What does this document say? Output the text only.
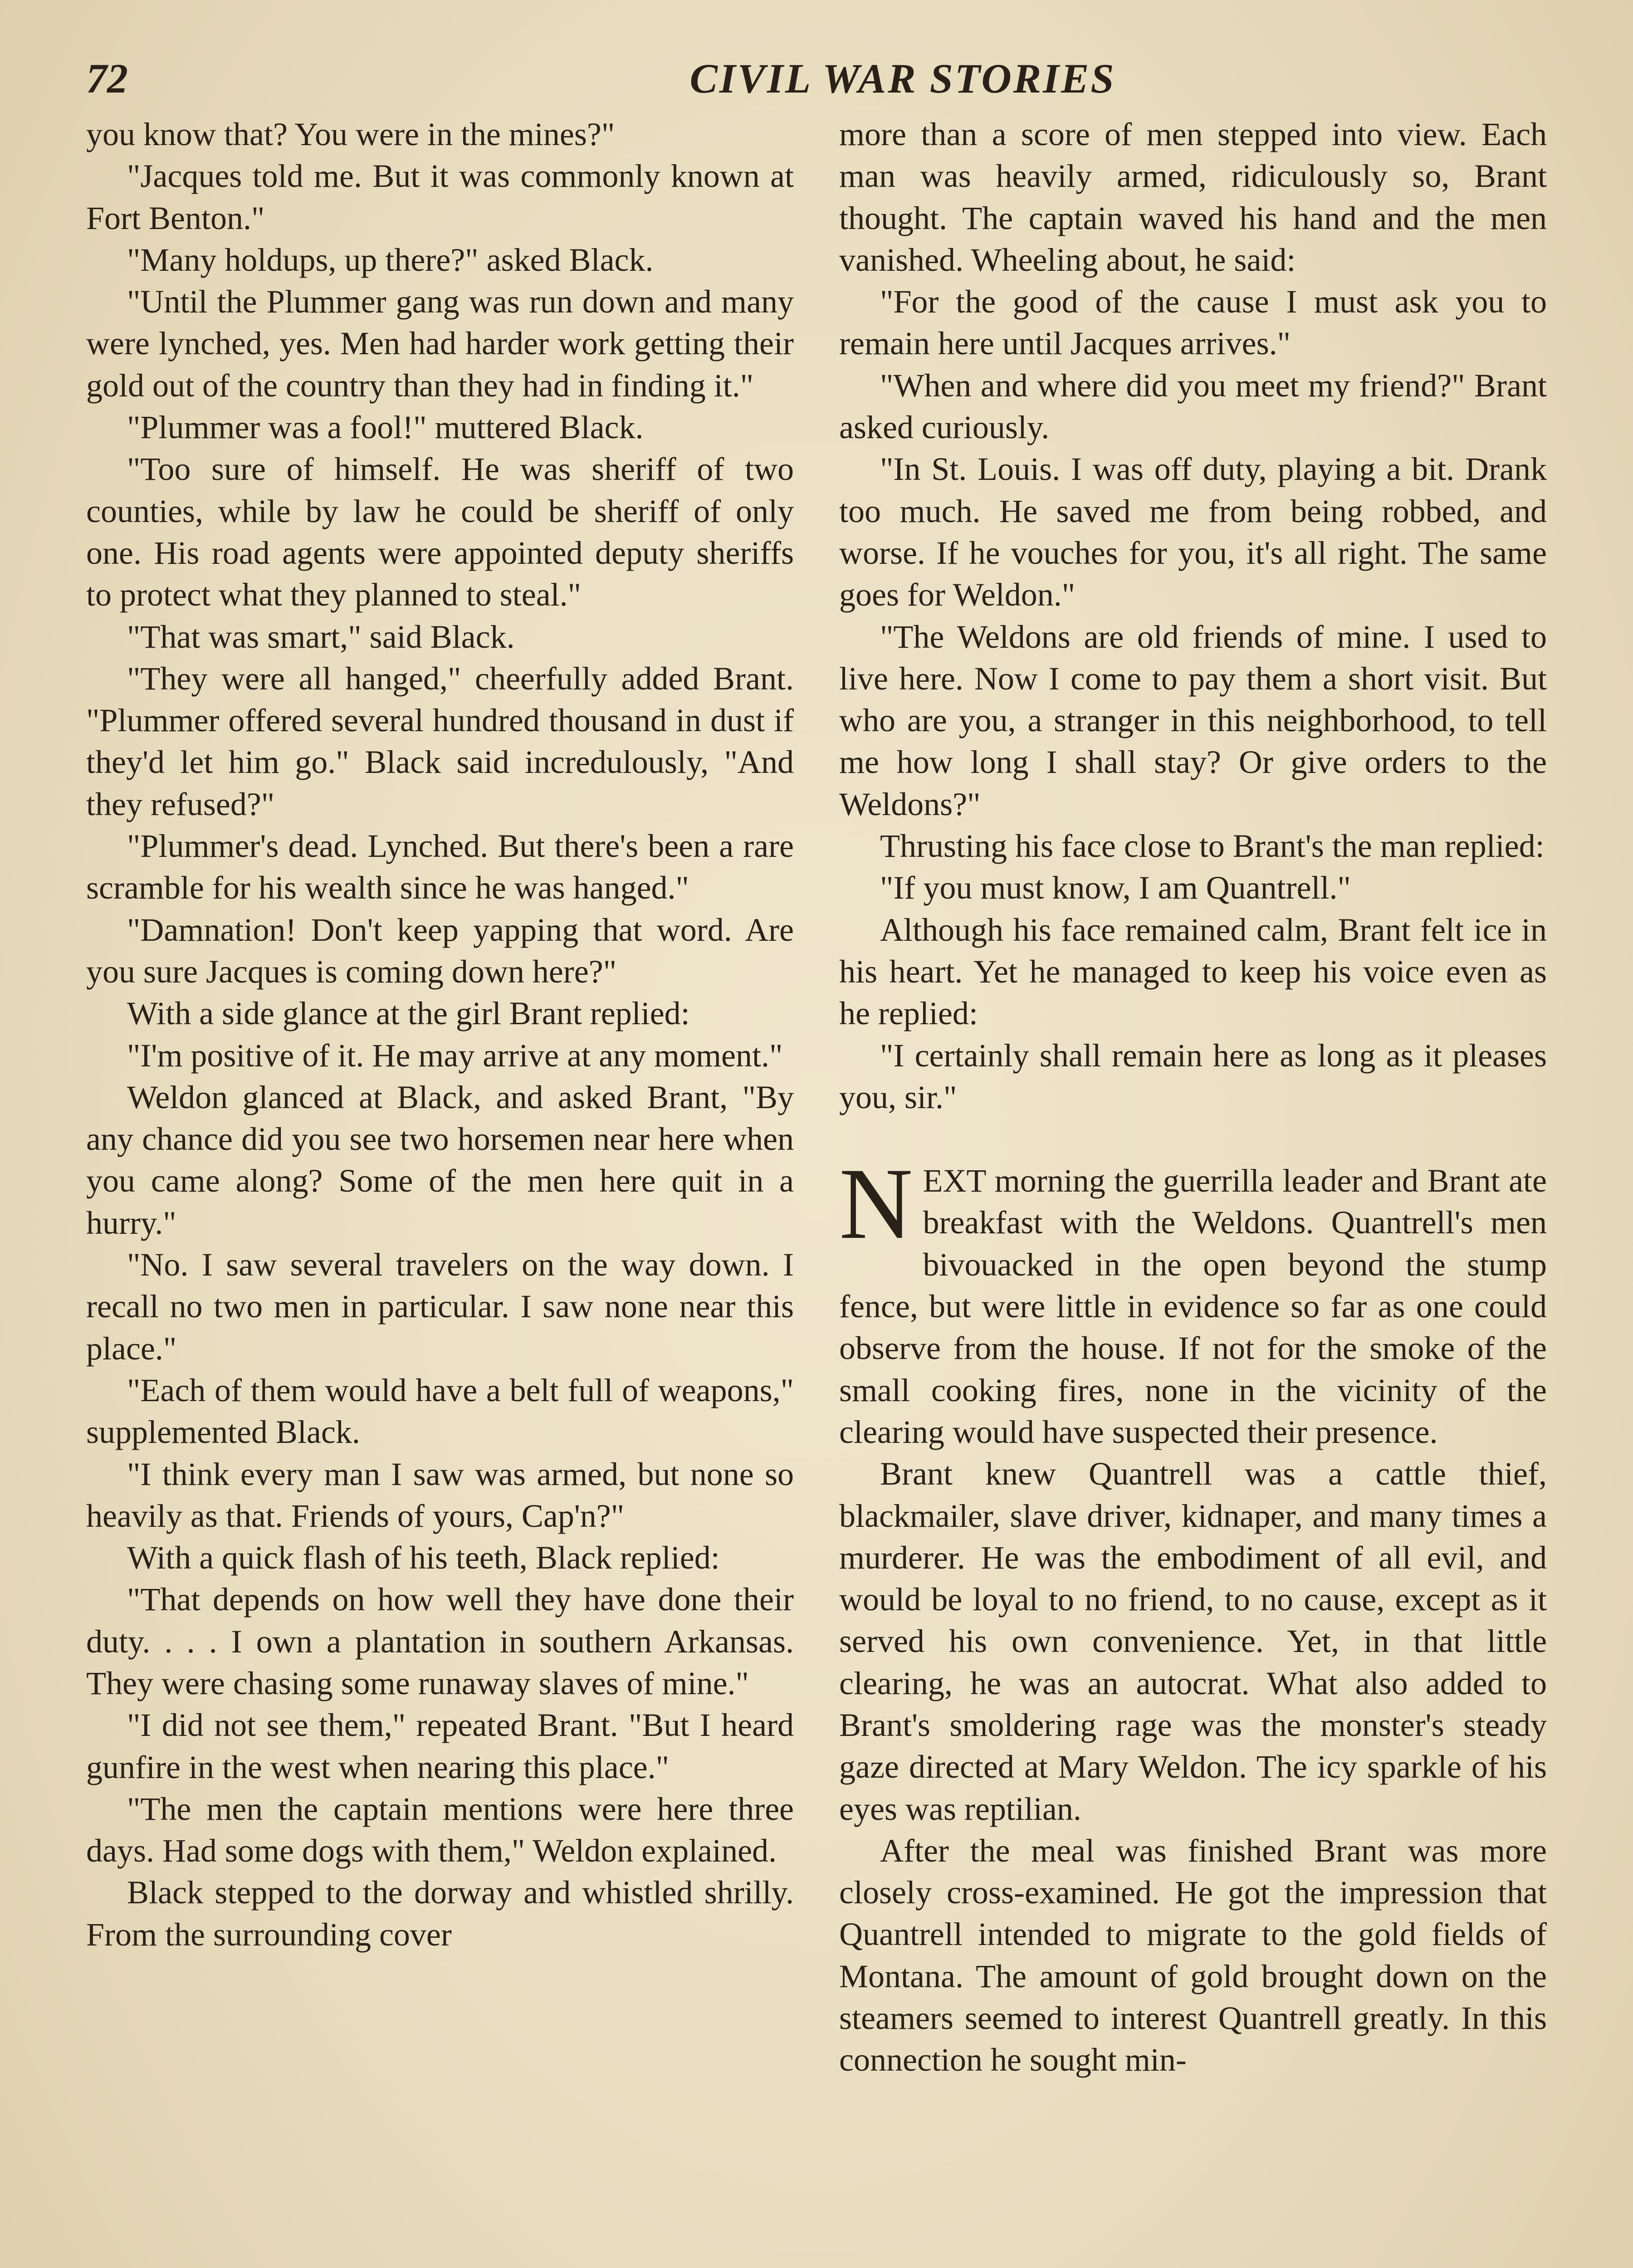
72	CIVIL WAR STORIES

you know that? You were in the mines?"

"Jacques told me. But it was commonly known at Fort Benton."

"Many holdups, up there?" asked Black.

"Until the Plummer gang was run down and many were lynched, yes. Men had harder work getting their gold out of the country than they had in finding it."

"Plummer was a fool!" muttered Black.

"Too sure of himself. He was sheriff of two counties, while by law he could be sheriff of only one. His road agents were appointed deputy sheriffs to protect what they planned to steal."

"That was smart," said Black.

"They were all hanged," cheerfully added Brant. "Plummer offered several hundred thousand in dust if they'd let him go." Black said incredulously, "And they refused?"

"Plummer's dead. Lynched. But there's been a rare scramble for his wealth since he was hanged."

"Damnation! Don't keep yapping that word. Are you sure Jacques is coming down here?"

With a side glance at the girl Brant replied:

"I'm positive of it. He may arrive at any moment."

Weldon glanced at Black, and asked Brant, "By any chance did you see two horsemen near here when you came along? Some of the men here quit in a hurry."

"No. I saw several travelers on the way down. I recall no two men in particular. I saw none near this place."

"Each of them would have a belt full of weapons," supplemented Black.

"I think every man I saw was armed, but none so heavily as that. Friends of yours, Cap'n?"

With a quick flash of his teeth, Black replied:

"That depends on how well they have done their duty. . . . I own a plantation in southern Arkansas. They were chasing some runaway slaves of mine."

"I did not see them," repeated Brant. "But I heard gunfire in the west when nearing this place."

"The men the captain mentions were here three days. Had some dogs with them," Weldon explained.

Black stepped to the dorway and whistled shrilly. From the surrounding cover

more than a score of men stepped into view. Each man was heavily armed, ridiculously so, Brant thought. The captain waved his hand and the men vanished. Wheeling about, he said:

"For the good of the cause I must ask you to remain here until Jacques arrives."

"When and where did you meet my friend?" Brant asked curiously.

"In St. Louis. I was off duty, playing a bit. Drank too much. He saved me from being robbed, and worse. If he vouches for you, it's all right. The same goes for Weldon."

"The Weldons are old friends of mine. I used to live here. Now I come to pay them a short visit. But who are you, a stranger in this neighborhood, to tell me how long I shall stay? Or give orders to the Weldons?"

Thrusting his face close to Brant's the man replied:

"If you must know, I am Quantrell."

Although his face remained calm, Brant felt ice in his heart. Yet he managed to keep his voice even as he replied:

"I certainly shall remain here as long as it pleases you, sir."

NEXT morning the guerrilla leader and Brant ate breakfast with the Weldons. Quantrell's men bivouacked in the open beyond the stump fence, but were little in evidence so far as one could observe from the house. If not for the smoke of the small cooking fires, none in the vicinity of the clearing would have suspected their presence.

Brant knew Quantrell was a cattle thief, blackmailer, slave driver, kidnaper, and many times a murderer. He was the embodiment of all evil, and would be loyal to no friend, to no cause, except as it served his own convenience. Yet, in that little clearing, he was an autocrat. What also added to Brant's smoldering rage was the monster's steady gaze directed at Mary Weldon. The icy sparkle of his eyes was reptilian.

After the meal was finished Brant was more closely cross-examined. He got the impression that Quantrell intended to migrate to the gold fields of Montana. The amount of gold brought down on the steamers seemed to interest Quantrell greatly. In this connection he sought min-
